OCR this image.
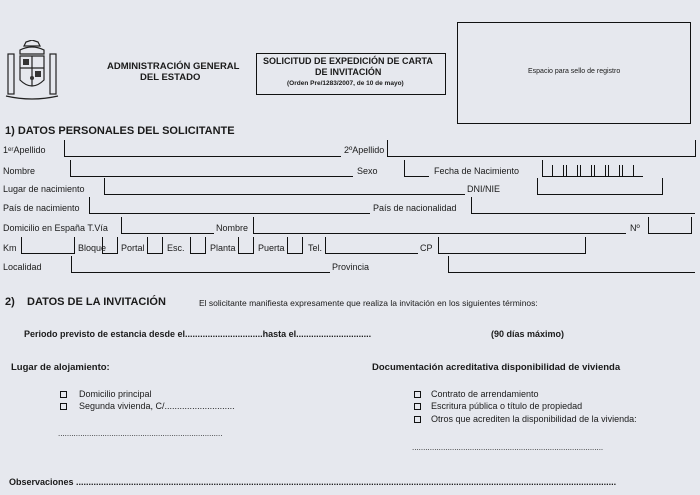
ADMINISTRACIÓN GENERAL
DEL ESTADO
SOLICITUD DE EXPEDICIÓN DE CARTA
DE INVITACIÓN
(Orden Pre/1283/2007, de 10 de mayo)
Espacio para sello de registro
1) DATOS PERSONALES DEL SOLICITANTE
1ᵉʳApellido	2ºApellido
Nombre	Sexo	Fecha de Nacimiento
Lugar de nacimiento	DNI/NIE
País de nacimiento	País de nacionalidad
Domicilio en España T.Vía	Nombre	Nº
Km	Bloque Portal Esc.	Planta Puerta	Tel.	CP
Localidad	Provincia
2) DATOS DE LA INVITACIÓN	El solicitante manifiesta expresamente que realiza la invitación en los siguientes términos:
Periodo previsto de estancia desde el...............................hasta el..............................	(90 días máximo)
Lugar de alojamiento:	Documentación acreditativa disponibilidad de vivienda
Domicilio principal
Segunda vivienda, C/............................
..........................................................................
Contrato de arrendamiento
Escritura pública o título de propiedad
Otros que acrediten la disponibilidad de la vivienda:
......................................................................................
Observaciones ........................................................................................................................................................................................................................
